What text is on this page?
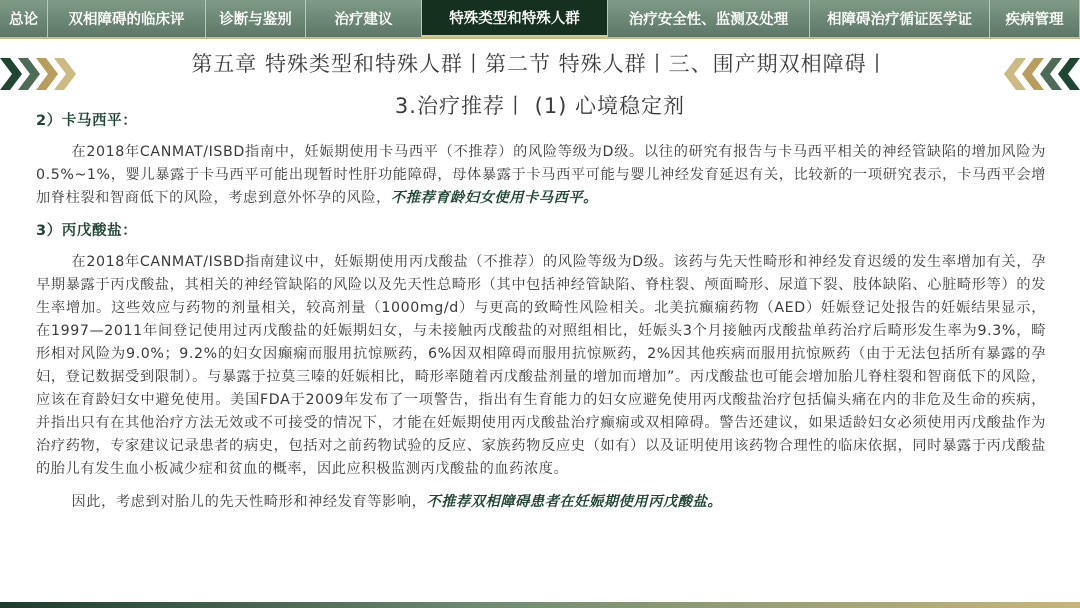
总论	双相障碍的临床评	诊断与鉴别	治疗建议	特殊类型和特殊人群	治疗安全性、监测及处理	相障碍治疗循证医学证	疾病管理
第五章 特殊类型和特殊人群丨第二节 特殊人群丨三、围产期双相障碍丨
3.治疗推荐丨 (1) 心境稳定剂
2）卡马西平：

在2018年CANMAT/ISBD指南中，妊娠期使用卡马西平（不推荐）的风险等级为D级。以往的研究有报告与卡马西平相关的神经管缺陷的增加风险为0.5%~1%，婴儿暴露于卡马西平可能出现暂时性肝功能障碍，母体暴露于卡马西平可能与婴儿神经发育延迟有关，比较新的一项研究表示，卡马西平会增加脊柱裂和智商低下的风险，考虑到意外怀孕的风险，不推荐育龄妇女使用卡马西平。

3）丙戊酸盐：

在2018年CANMAT/ISBD指南建议中，妊娠期使用丙戊酸盐（不推荐）的风险等级为D级。该药与先天性畸形和神经发育迟缓的发生率增加有关，孕早期暴露于丙戊酸盐，其相关的神经管缺陷的风险以及先天性总畸形（其中包括神经管缺陷、脊柱裂、颅面畸形、尿道下裂、肢体缺陷、心脏畸形等）的发生率增加。这些效应与药物的剂量相关，较高剂量（1000mg/d）与更高的致畸性风险相关。北美抗癫痫药物（AED）妊娠登记处报告的妊娠结果显示，在1997—2011年间登记使用过丙戊酸盐的妊娠期妇女，与未接触丙戊酸盐的对照组相比，妊娠头3个月接触丙戊酸盐单药治疗后畸形发生率为9.3%，畸形相对风险为9.0%；9.2%的妇女因癫痫而服用抗惊厥药，6%因双相障碍而服用抗惊厥药，2%因其他疾病而服用抗惊厥药（由于无法包括所有暴露的孕妇，登记数据受到限制）。与暴露于拉莫三嗪的妊娠相比，畸形率随着丙戊酸盐剂量的增加而增加”。丙戊酸盐也可能会增加胎儿脊柱裂和智商低下的风险，应该在育龄妇女中避免使用。美国FDA于2009年发布了一项警告，指出有生育能力的妇女应避免使用丙戊酸盐治疗包括偏头痛在内的非危及生命的疾病，并指出只有在其他治疗方法无效或不可接受的情况下，才能在妊娠期使用丙戊酸盐治疗癫痫或双相障碍。警告还建议，如果适龄妇女必须使用丙戊酸盐作为治疗药物，专家建议记录患者的病史，包括对之前药物试验的反应、家族药物反应史（如有）以及证明使用该药物合理性的临床依据，同时暴露于丙戊酸盐的胎儿有发生血小板减少症和贫血的概率，因此应积极监测丙戊酸盐的血药浓度。

因此，考虑到对胎儿的先天性畸形和神经发育等影响，不推荐双相障碍患者在妊娠期使用丙戊酸盐。
